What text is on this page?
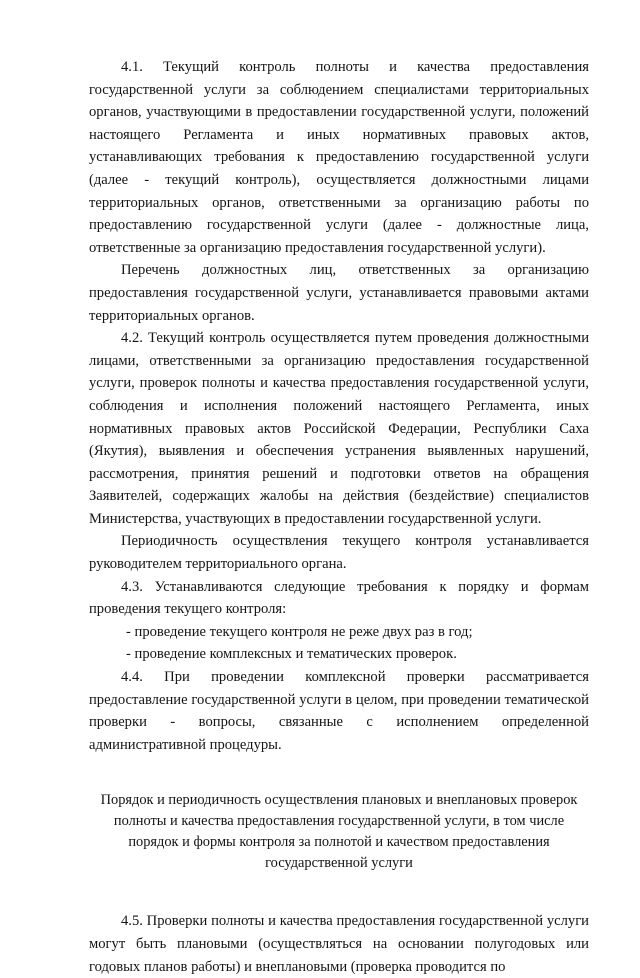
4.1. Текущий контроль полноты и качества предоставления государственной услуги за соблюдением специалистами территориальных органов, участвующими в предоставлении государственной услуги, положений настоящего Регламента и иных нормативных правовых актов, устанавливающих требования к предоставлению государственной услуги (далее - текущий контроль), осуществляется должностными лицами территориальных органов, ответственными за организацию работы по предоставлению государственной услуги (далее - должностные лица, ответственные за организацию предоставления государственной услуги).

Перечень должностных лиц, ответственных за организацию предоставления государственной услуги, устанавливается правовыми актами территориальных органов.

4.2. Текущий контроль осуществляется путем проведения должностными лицами, ответственными за организацию предоставления государственной услуги, проверок полноты и качества предоставления государственной услуги, соблюдения и исполнения положений настоящего Регламента, иных нормативных правовых актов Российской Федерации, Республики Саха (Якутия), выявления и обеспечения устранения выявленных нарушений, рассмотрения, принятия решений и подготовки ответов на обращения Заявителей, содержащих жалобы на действия (бездействие) специалистов Министерства, участвующих в предоставлении государственной услуги.

Периодичность осуществления текущего контроля устанавливается руководителем территориального органа.

4.3. Устанавливаются следующие требования к порядку и формам проведения текущего контроля:

- проведение текущего контроля не реже двух раз в год;

- проведение комплексных и тематических проверок.

4.4. При проведении комплексной проверки рассматривается предоставление государственной услуги в целом, при проведении тематической проверки - вопросы, связанные с исполнением определенной административной процедуры.

Порядок и периодичность осуществления плановых и внеплановых проверок полноты и качества предоставления государственной услуги, в том числе порядок и формы контроля за полнотой и качеством предоставления государственной услуги

4.5. Проверки полноты и качества предоставления государственной услуги могут быть плановыми (осуществляться на основании полугодовых или годовых планов работы) и внеплановыми (проверка проводится по
